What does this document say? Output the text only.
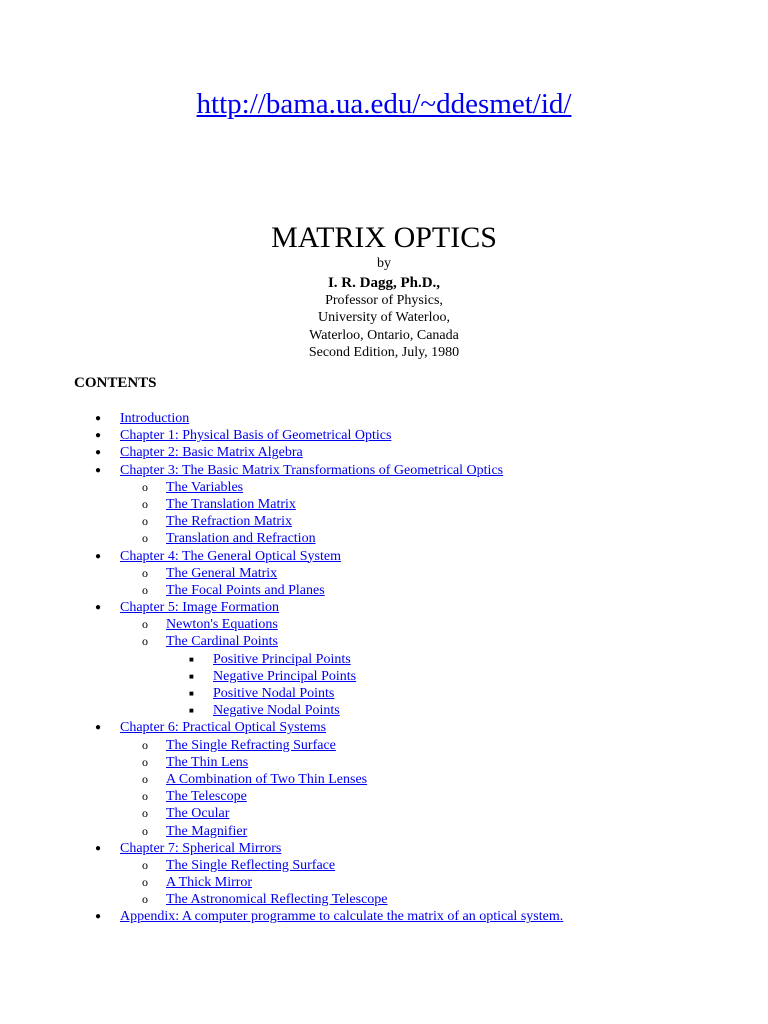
http://bama.ua.edu/~ddesmet/id/
MATRIX OPTICS
by
I. R. Dagg, Ph.D.,
Professor of Physics,
University of Waterloo,
Waterloo, Ontario, Canada
Second Edition, July, 1980
CONTENTS
● Introduction
● Chapter 1: Physical Basis of Geometrical Optics
● Chapter 2: Basic Matrix Algebra
● Chapter 3: The Basic Matrix Transformations of Geometrical Optics
o The Variables
o The Translation Matrix
o The Refraction Matrix
o Translation and Refraction
● Chapter 4: The General Optical System
o The General Matrix
o The Focal Points and Planes
● Chapter 5: Image Formation
o Newton's Equations
o The Cardinal Points
■ Positive Principal Points
■ Negative Principal Points
■ Positive Nodal Points
■ Negative Nodal Points
● Chapter 6: Practical Optical Systems
o The Single Refracting Surface
o The Thin Lens
o A Combination of Two Thin Lenses
o The Telescope
o The Ocular
o The Magnifier
● Chapter 7: Spherical Mirrors
o The Single Reflecting Surface
o A Thick Mirror
o The Astronomical Reflecting Telescope
● Appendix: A computer programme to calculate the matrix of an optical system.
